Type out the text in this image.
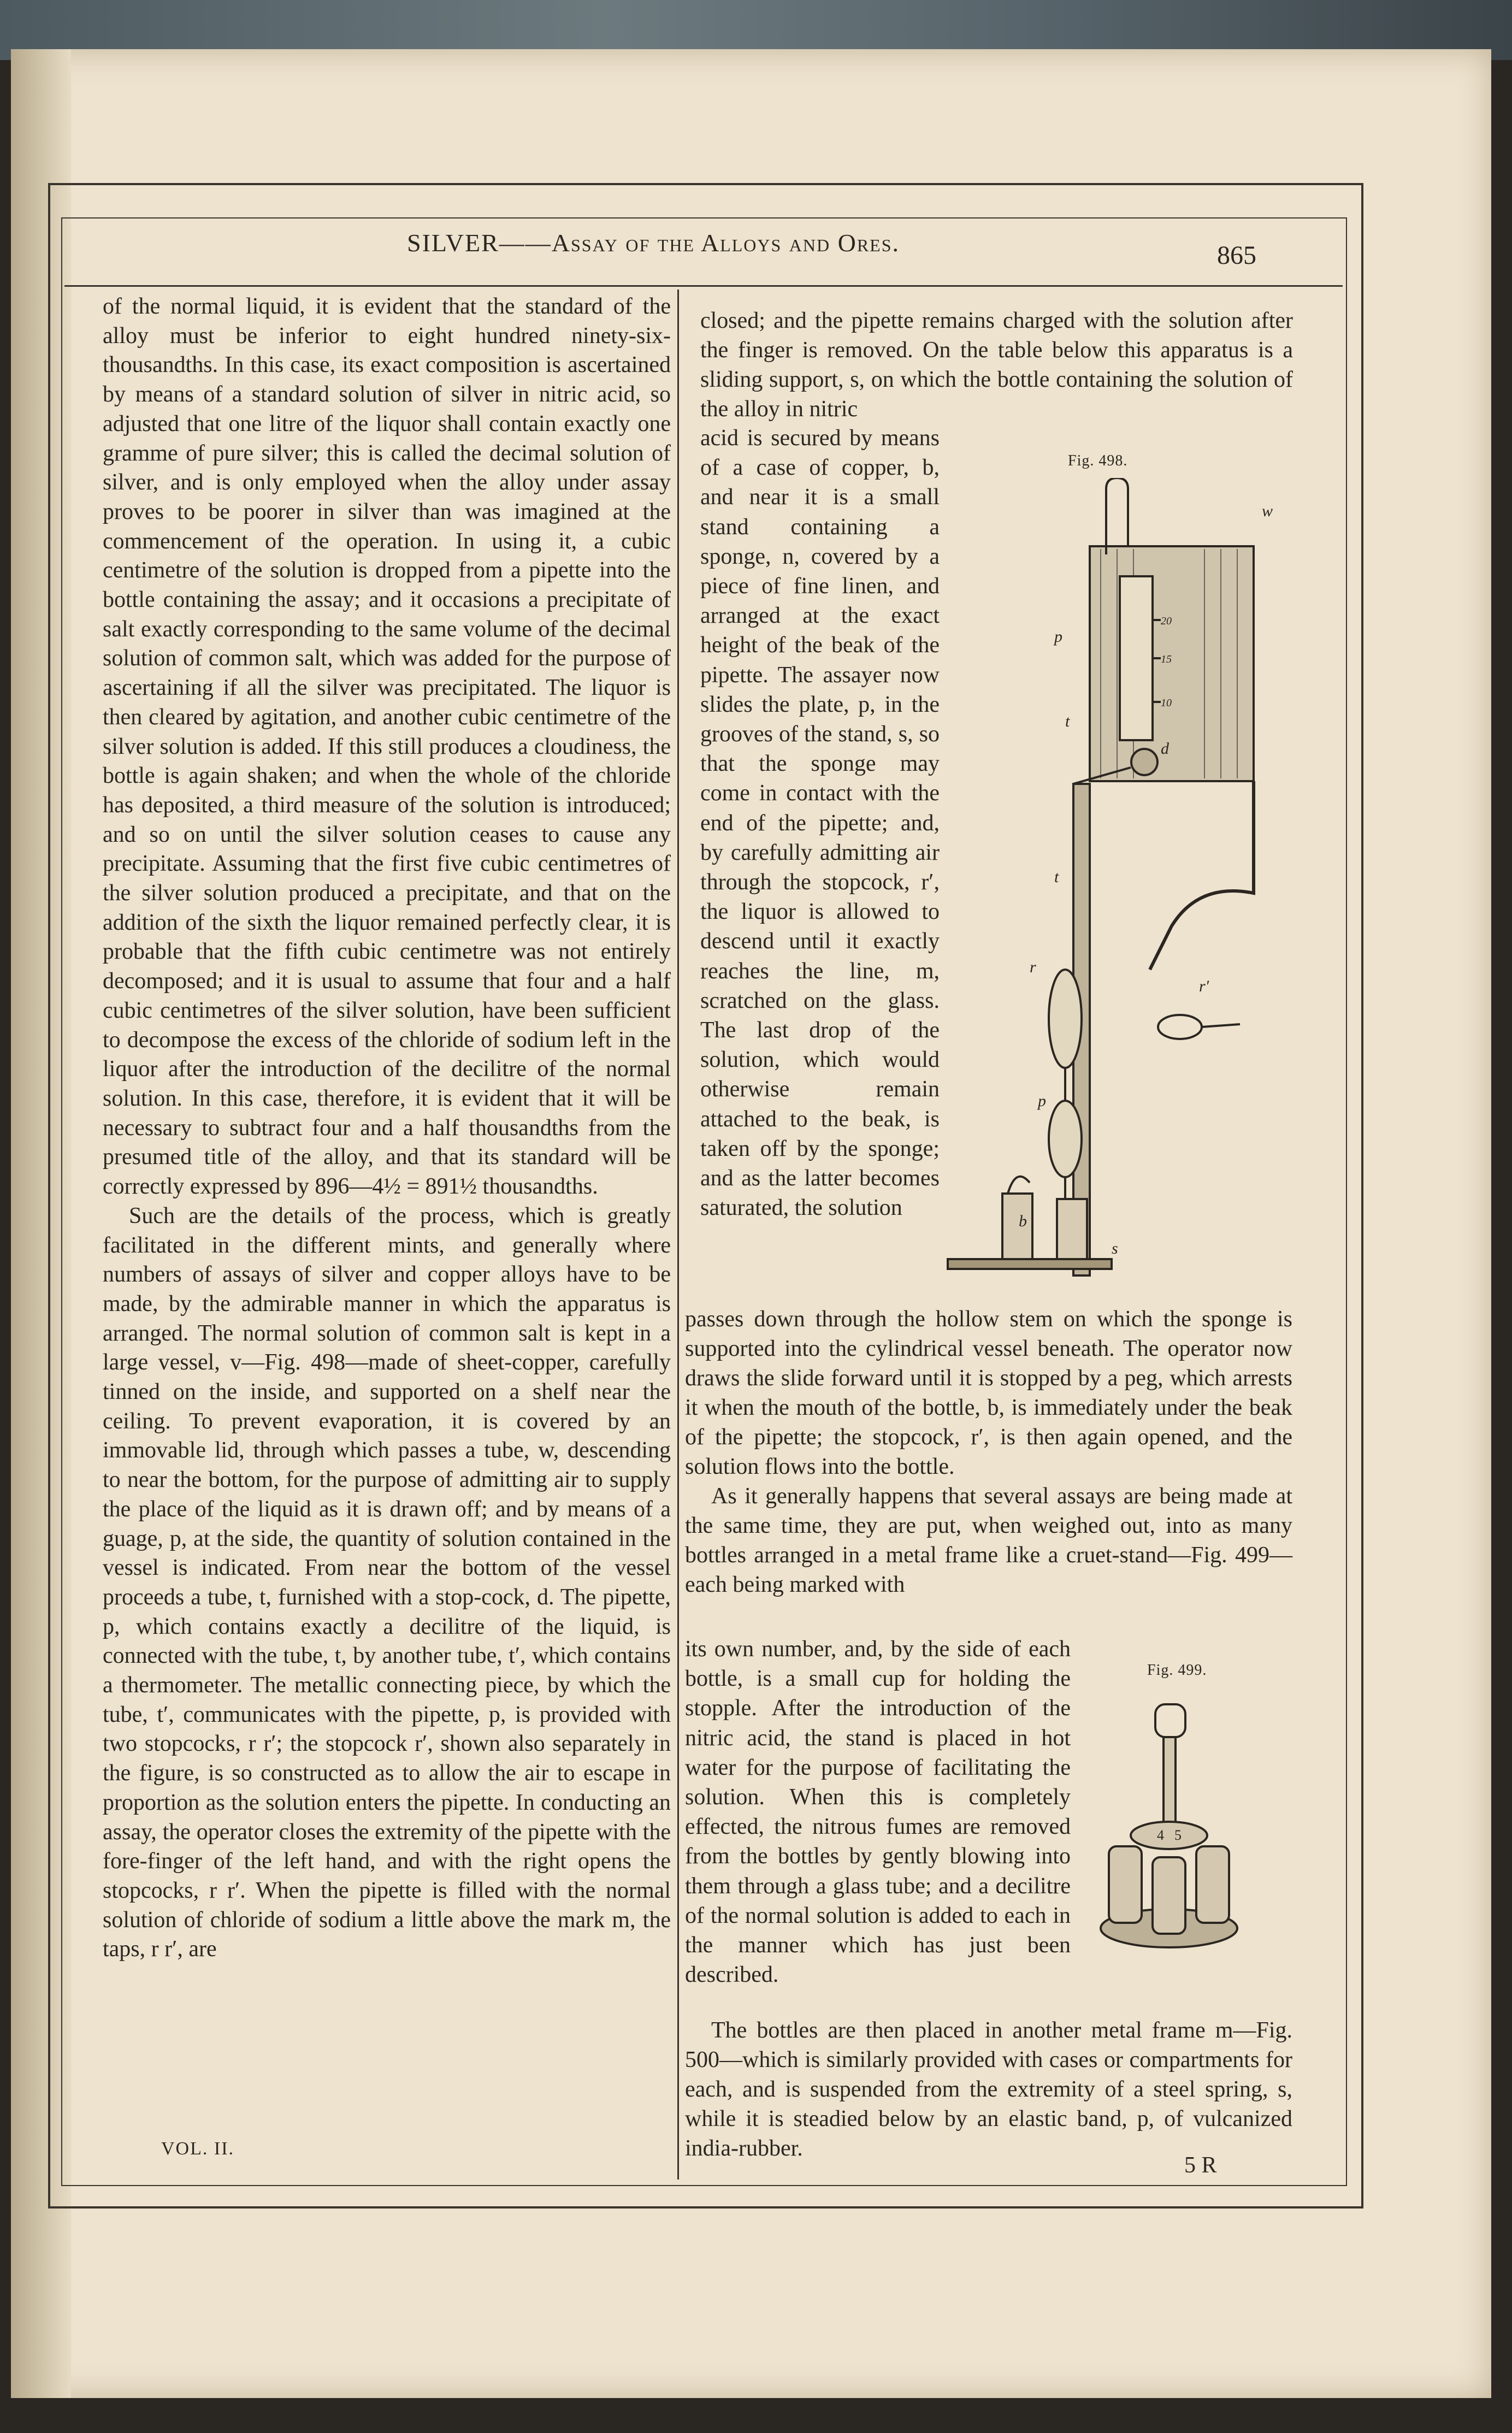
SILVER——Assay of the Alloys and Ores.	865

of the normal liquid, it is evident that the standard of the alloy must be inferior to eight hundred ninety-six-thousandths. In this case, its exact composition is ascertained by means of a standard solution of silver in nitric acid, so adjusted that one litre of the liquor shall contain exactly one gramme of pure silver; this is called the decimal solution of silver, and is only employed when the alloy under assay proves to be poorer in silver than was imagined at the commencement of the operation. In using it, a cubic centimetre of the solution is dropped from a pipette into the bottle containing the assay; and it occasions a precipitate of salt exactly corresponding to the same volume of the decimal solution of common salt, which was added for the purpose of ascertaining if all the silver was precipitated. The liquor is then cleared by agitation, and another cubic centimetre of the silver solution is added. If this still produces a cloudiness, the bottle is again shaken; and when the whole of the chloride has deposited, a third measure of the solution is introduced; and so on until the silver solution ceases to cause any precipitate. Assuming that the first five cubic centimetres of the silver solution produced a precipitate, and that on the addition of the sixth the liquor remained perfectly clear, it is probable that the fifth cubic centimetre was not entirely decomposed; and it is usual to assume that four and a half cubic centimetres of the silver solution, have been sufficient to decompose the excess of the chloride of sodium left in the liquor after the introduction of the decilitre of the normal solution. In this case, therefore, it is evident that it will be necessary to subtract four and a half thousandths from the presumed title of the alloy, and that its standard will be correctly expressed by 896—4½ = 891½ thousandths.

Such are the details of the process, which is greatly facilitated in the different mints, and generally where numbers of assays of silver and copper alloys have to be made, by the admirable manner in which the apparatus is arranged. The normal solution of common salt is kept in a large vessel, v—Fig. 498—made of sheet-copper, carefully tinned on the inside, and supported on a shelf near the ceiling. To prevent evaporation, it is covered by an immovable lid, through which passes a tube, w, descending to near the bottom, for the purpose of admitting air to supply the place of the liquid as it is drawn off; and by means of a guage, p, at the side, the quantity of solution contained in the vessel is indicated. From near the bottom of the vessel proceeds a tube, t, furnished with a stop-cock, d. The pipette, p, which contains exactly a decilitre of the liquid, is connected with the tube, t, by another tube, t′, which contains a thermometer. The metallic connecting piece, by which the tube, t′, communicates with the pipette, p, is provided with two stopcocks, r r′; the stopcock r′, shown also separately in the figure, is so constructed as to allow the air to escape in proportion as the solution enters the pipette. In conducting an assay, the operator closes the extremity of the pipette with the fore-finger of the left hand, and with the right opens the stopcocks, r r′. When the pipette is filled with the normal solution of chloride of sodium a little above the mark m, the taps, r r′, are

closed; and the pipette remains charged with the solution after the finger is removed. On the table below this apparatus is a sliding support, s, on which the bottle containing the solution of the alloy in nitric

acid is secured by means of a case of copper, b, and near it is a small stand containing a sponge, n, covered by a piece of fine linen, and arranged at the exact height of the beak of the pipette. The assayer now slides the plate, p, in the grooves of the stand, s, so that the sponge may come in contact with the end of the pipette; and, by carefully admitting air through the stopcock, r′, the liquor is allowed to descend until it exactly reaches the line, m, scratched on the glass. The last drop of the solution, which would otherwise remain attached to the beak, is taken off by the sponge; and as the latter becomes saturated, the solution

Fig. 498.
w
p
t
d
t
r
r′
p
b
s
20
15
10

passes down through the hollow stem on which the sponge is supported into the cylindrical vessel beneath. The operator now draws the slide forward until it is stopped by a peg, which arrests it when the mouth of the bottle, b, is immediately under the beak of the pipette; the stopcock, r′, is then again opened, and the solution flows into the bottle.

As it generally happens that several assays are being made at the same time, they are put, when weighed out, into as many bottles arranged in a metal frame like a cruet-stand—Fig. 499—each being marked with

its own number, and, by the side of each bottle, is a small cup for holding the stopple. After the introduction of the nitric acid, the stand is placed in hot water for the purpose of facilitating the solution. When this is completely effected, the nitrous fumes are removed from the bottles by gently blowing into them through a glass tube; and a decilitre of the normal solution is added to each in the manner which has just been described.

Fig. 499.
4 5

The bottles are then placed in another metal frame m—Fig. 500—which is similarly provided with cases or compartments for each, and is suspended from the extremity of a steel spring, s, while it is steadied below by an elastic band, p, of vulcanized india-rubber.

VOL. II.
5 R
